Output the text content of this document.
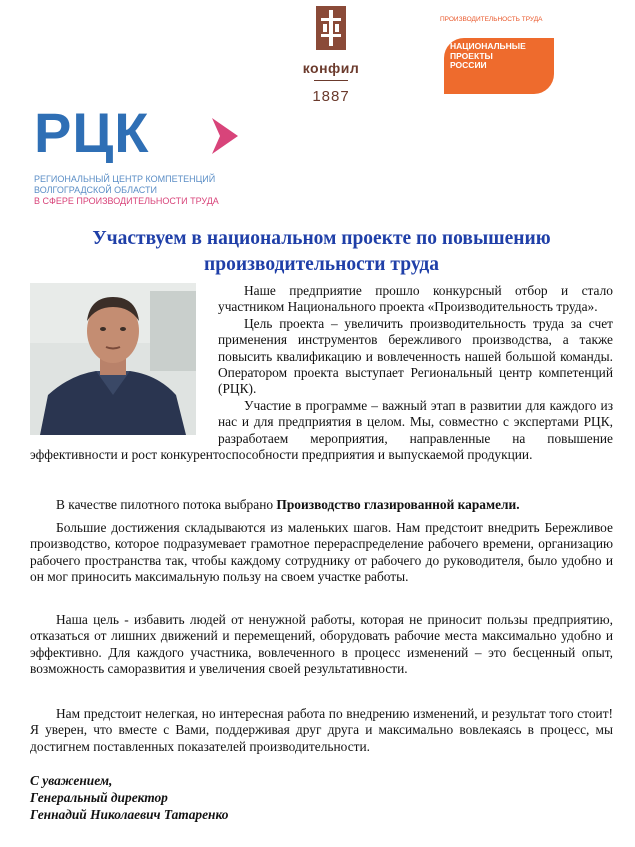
конфил
1887
ПРОИЗВОДИТЕЛЬНОСТЬ ТРУДА
НАЦИОНАЛЬНЫЕ
ПРОЕКТЫ
РОССИИ
РЦК
РЕГИОНАЛЬНЫЙ ЦЕНТР КОМПЕТЕНЦИЙ
ВОЛГОГРАДСКОЙ ОБЛАСТИ
В СФЕРЕ ПРОИЗВОДИТЕЛЬНОСТИ ТРУДА
Участвуем в национальном проекте по повышению
производительности труда

Наше предприятие прошло конкурсный отбор и стало участником Национального проекта «Производительность труда».

Цель проекта – увеличить производительность труда за счет применения инструментов бережливого производства, а также повысить квалификацию и вовлеченность нашей большой команды. Оператором проекта выступает Региональный центр компетенций (РЦК).

Участие в программе – важный этап в развитии для каждого из нас и для предприятия в целом. Мы, совместно с экспертами РЦК, разработаем мероприятия, направленные на повышение эффективности и рост конкурентоспособности предприятия и выпускаемой продукции.

В качестве пилотного потока выбрано Производство глазированной карамели.
Большие достижения складываются из маленьких шагов. Нам предстоит внедрить Бережливое производство, которое подразумевает грамотное перераспределение рабочего времени, организацию рабочего пространства так, чтобы каждому сотруднику от рабочего до руководителя, было удобно и он мог приносить максимальную пользу на своем участке работы.
Наша цель - избавить людей от ненужной работы, которая не приносит пользы предприятию, отказаться от лишних движений и перемещений, оборудовать рабочие места максимально удобно и эффективно. Для каждого участника, вовлеченного в процесс изменений – это бесценный опыт, возможность саморазвития и увеличения своей результативности.
Нам предстоит нелегкая, но интересная работа по внедрению изменений, и результат того стоит! Я уверен, что вместе с Вами, поддерживая друг друга и максимально вовлекаясь в процесс, мы достигнем поставленных показателей производительности.
С уважением,
Генеральный директор
Геннадий Николаевич Татаренко
